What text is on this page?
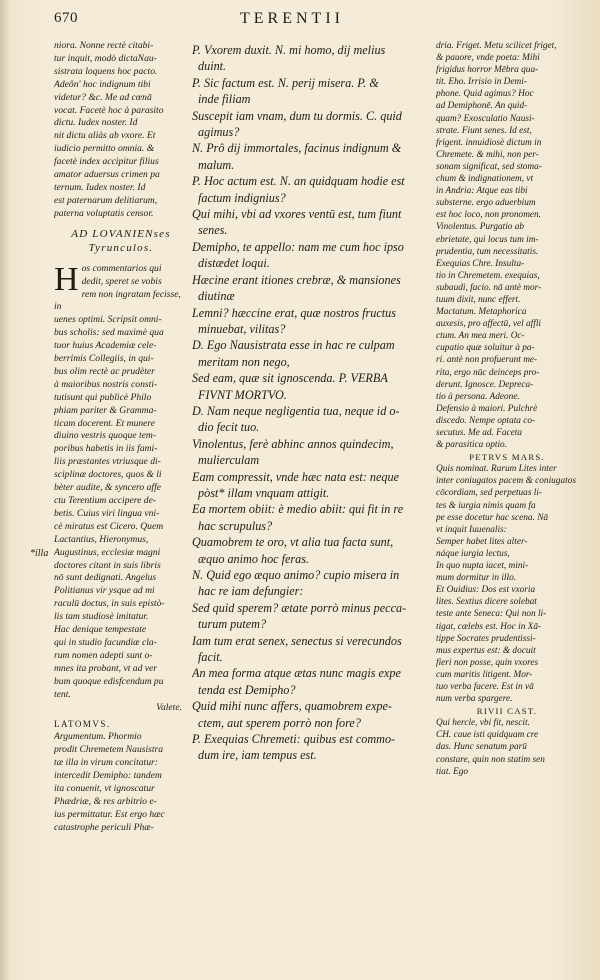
670	TERENTII
niora. Nonne rectè citabi-
tur inquit, modò dictaNau-
sistrata loquens hoc pacto.
Adeôn' hoc indignum tibi
videtur? &c. Me ad cœnā
vocat. Facetè hoc à parasito
dictu. Iudex noster. Id
nit dictu aliàs ab vxore. Et
iudicio permitto omnia. &
facetè index accipitur filius
amator aduersus crimen pa
ternum. Iudex noster. Id
est paternarum delitiarum,
paterna voluptatis censor.
AD LOVANIENses Tyrunculos.
H os commentarios qui
dedit, speret se vobis
rem non ingratam fecisse, in
uenes optimi. Scripsit omni-
bus scholis: sed maximè qua
tuor huius Academiæ cele-
berrimis Collegiis, in qui-
bus olim rectè ac prudèter
à maioribus nostris consti-
tutisunt qui publicè Philo
phiam pariter & Gramma-
ticam docerent. Et munere
diuino vestris quoque tem-
poribus habetis in iis fami-
liis præstantes vtriusque di-
sciplinæ doctores, quos & li
bèter audite, & syncero affe
ctu Terentium accipere de-
betis. Cuius viri lingua vni-
cè miratus est Cicero. Quem
Lactantius, Hieronymus,
Augustinus, ecclesiæ magni
doctores citant in suis libris
nō sunt dedignati. Angelus
Politianus vir ysque ad mi
raculū doctus, in suis epistò-
lis tam studiosè imitatur.
Hac denique tempestate
qui in studio facundiæ cla-
rum nomen adepti sunt o-
mnes ita probant, vt ad ver
bum quoque edisfcendum pu
tent.
Valete.
LATOMVS.
Argumentum. Phormio
prodit Chremetem Nausistra
tæ illa in virum concitatur:
intercedit Demipho: tandem
ita conuenit, vt ignoscatur
Phædriæ, & res arbitrio e-
ius permittatur. Est ergo hæc
catastrophe periculi Phæ-
*illa
P. Vxorem duxit. N. mi homo, dij melius
duint.
P. Sic factum est. N. perij misera. P. &
inde filiam
Suscepit iam vnam, dum tu dormis. C. quid
agimus?
N. Prô dij immortales, facinus indignum &
malum.
P. Hoc actum est. N. an quidquam hodie est
factum indignius?
Qui mihi, vbi ad vxores ventū est, tum fiunt
senes.
Demipho, te appello: nam me cum hoc ipso
distædet loqui.
Hæcine erant itiones crebræ, & mansiones
diutinæ
Lemni? hæccine erat, quæ nostros fructus
minuebat, vilitas?
D. Ego Nausistrata esse in hac re culpam
meritam non nego,
Sed eam, quæ sit ignoscenda. P. VERBA
FIVNT MORTVO.
D. Nam neque negligentia tua, neque id o-
dio fecit tuo.
Vinolentus, ferè abhinc annos quindecim,
mulierculam
Eam compressit, vnde hæc nata est: neque
pòst* illam vnquam attigit.
Ea mortem obiit: è medio abiit: qui fit in re
hac scrupulus?
Quamobrem te oro, vt alia tua facta sunt,
æquo animo hoc feras.
N. Quid ego æquo animo? cupio misera in
hac re iam defungier:
Sed quid sperem? ætate porrò minus pecca-
turum putem?
Iam tum erat senex, senectus si verecundos
facit.
An mea forma atque ætas nunc magis expe
tenda est Demipho?
Quid mihi nunc affers, quamobrem expe-
ctem, aut sperem porrò non fore?
P. Exequias Chremeti: quibus est commo-
dum ire, iam tempus est.
dria. Friget. Metu scilicet friget,
& pauore, vnde poeta: Mihi
frigidus horror Mēbra qua-
tit. Eho. Irrisio in Demi-
phone. Quid agimus? Hoc
ad Demiphonē. An quid-
quam? Exosculatio Nausi-
strate. Fiunt senes. Id est,
frigent. innuidiosè dictum in
Chremete. & mihi, non per-
sonam significat, sed stoma-
chum & indignationem, vt
in Andria: Atque eas tibi
substerne. ergo aduerbium
est hoc loco, non pronomen.
Vinolentus. Purgatio ab
ebrietate, qui locus tum im-
prudentia, tum necessitatis.
Exequias Chre. Insulta-
tio in Chremetem. exequias,
subaudi, facio. nā antè mor-
tuum dixit, nunc effert.
Mactatum. Metaphorica
auxesis, pro affectū, vel affli
ctum. An mea meri. Oc-
cupatio quæ soluitur à pa-
ri. antè non profuerunt me-
rita, ergo nūc deinceps pro-
derunt. Ignosce. Depreca-
tio à persona. Adeone.
Defensio à maiori. Pulchrè
discedo. Nempe optata co-
secutus. Me ad. Faceta
& parasitica optio.
PETRVS MARS.
Quis nominat. Rarum Lites inter
inter coniugatos pacem & coniugatos
cōcordiam, sed perpetuas li-
tes & iurgia nimis quam fa
pe esse docetur hac scena. Nā
vt inquit Iuuenalis:
Semper habet lites alter-
náque iurgia lectus,
In quo nupta iacet, mini-
mum dormitur in illo.
Et Ouidius: Dos est vxoria
lites. Sextius dicere solebat
teste ante Seneca: Qui non li-
tigat, cælebs est. Hoc in Xā-
tippe Socrates prudentissi-
mus expertus est: & docuit
fieri non posse, quin vxores
cum maritis litigent. Mor-
tuo verba facere. Est in vā
num verba spargere.
RIVII CAST.
Qui hercle, vbi fit, nescit.
CH. caue isti quidquam cre
das. Hunc senatum parū
constare, quin non statim sen
tiat. Ego
